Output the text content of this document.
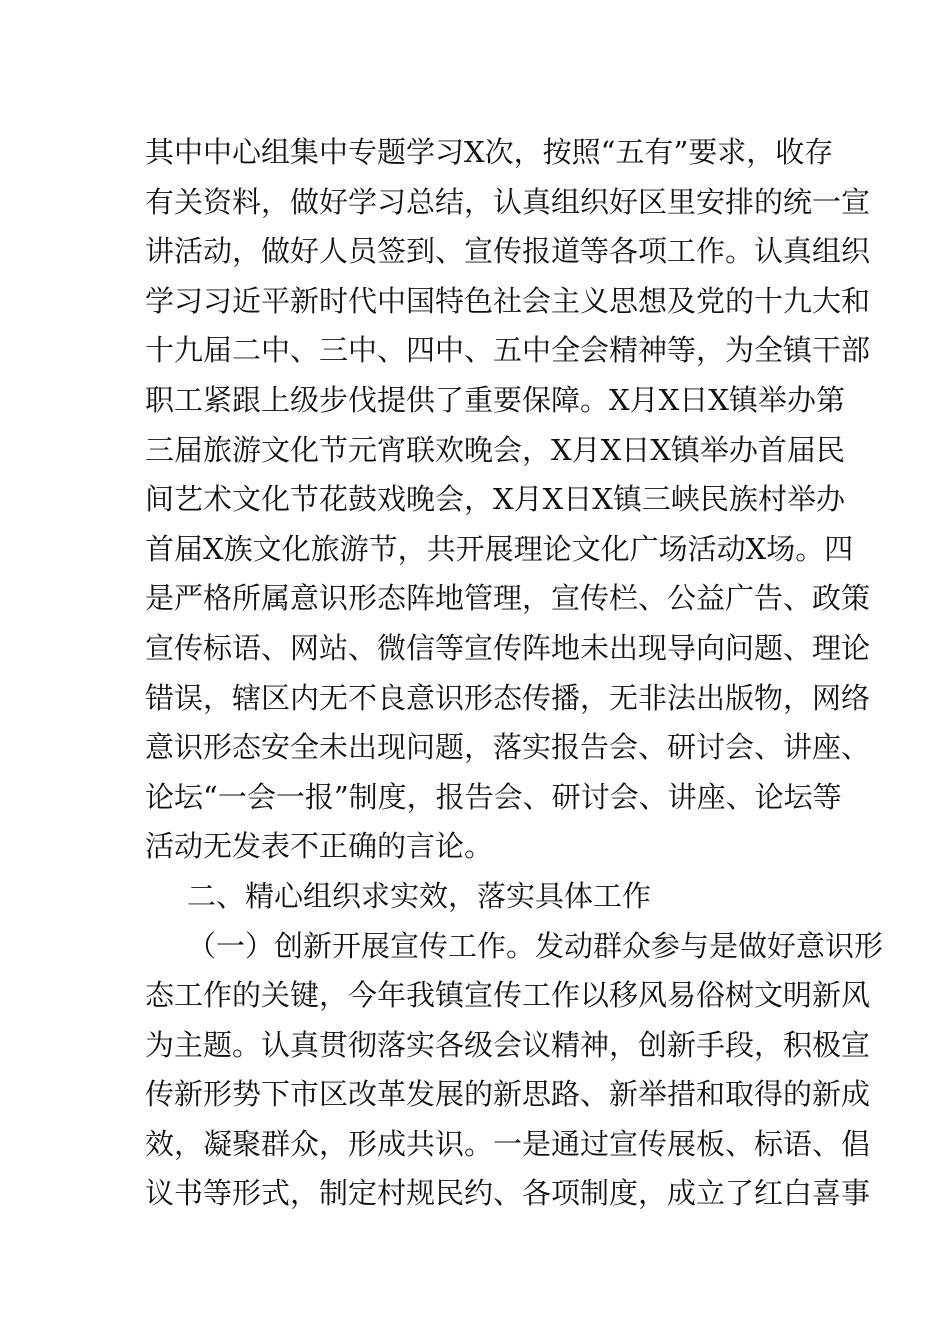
其中中心组集中专题学习X次，按照“五有”要求，收存
有关资料，做好学习总结，认真组织好区里安排的统一宣
讲活动，做好人员签到、宣传报道等各项工作。认真组织
学习习近平新时代中国特色社会主义思想及党的十九大和
十九届二中、三中、四中、五中全会精神等，为全镇干部
职工紧跟上级步伐提供了重要保障。X月X日X镇举办第
三届旅游文化节元宵联欢晚会，X月X日X镇举办首届民
间艺术文化节花鼓戏晚会，X月X日X镇三峡民族村举办
首届X族文化旅游节，共开展理论文化广场活动X场。四
是严格所属意识形态阵地管理，宣传栏、公益广告、政策
宣传标语、网站、微信等宣传阵地未出现导向问题、理论
错误，辖区内无不良意识形态传播，无非法出版物，网络
意识形态安全未出现问题，落实报告会、研讨会、讲座、
论坛“一会一报”制度，报告会、研讨会、讲座、论坛等
活动无发表不正确的言论。
二、精心组织求实效，落实具体工作
（一）创新开展宣传工作。发动群众参与是做好意识形
态工作的关键，今年我镇宣传工作以移风易俗树文明新风
为主题。认真贯彻落实各级会议精神，创新手段，积极宣
传新形势下市区改革发展的新思路、新举措和取得的新成
效，凝聚群众，形成共识。一是通过宣传展板、标语、倡
议书等形式，制定村规民约、各项制度，成立了红白喜事
